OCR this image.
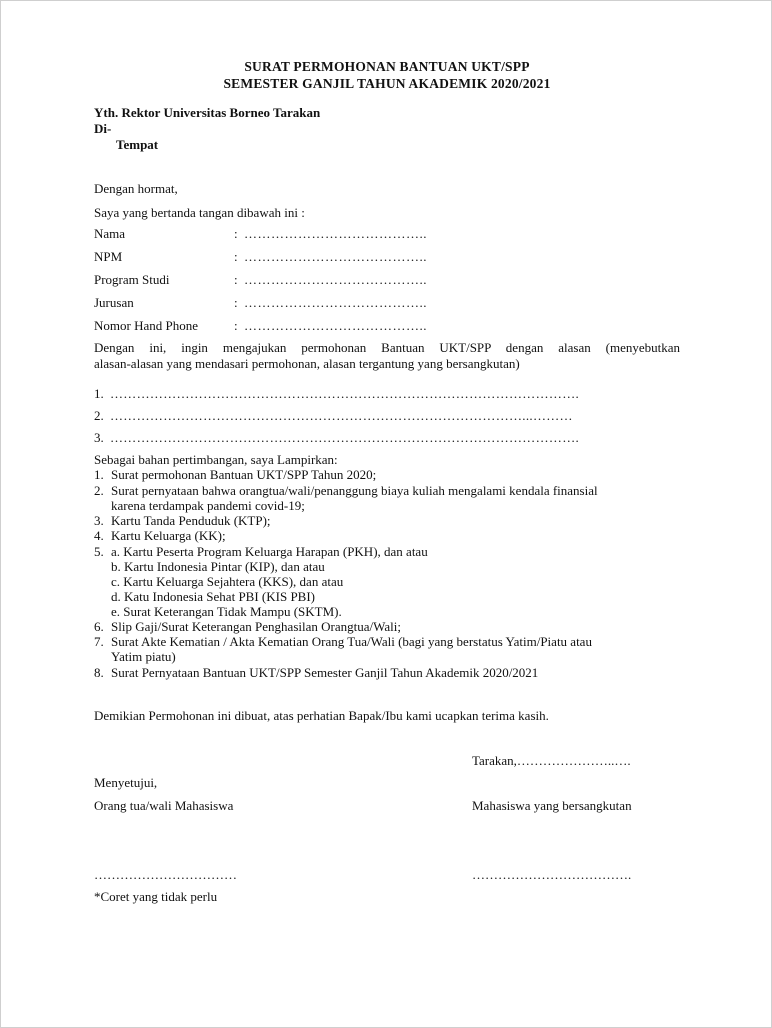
SURAT PERMOHONAN BANTUAN UKT/SPP
SEMESTER GANJIL TAHUN AKADEMIK 2020/2021
Yth. Rektor Universitas Borneo Tarakan
Di-
Tempat
Dengan hormat,
Saya yang bertanda tangan dibawah ini :
Nama	: …………………………………..
NPM	: …………………………………..
Program Studi	: …………………………………..
Jurusan	: …………………………………..
Nomor Hand Phone	: …………………………………..
Dengan ini, ingin mengajukan permohonan Bantuan UKT/SPP dengan alasan (menyebutkan
alasan-alasan yang mendasari permohonan, alasan tergantung yang bersangkutan)
1. …………………………………………………………………………………………….
2. …………………………………………………………………………………...………
3. …………………………………………………………………………………………….
Sebagai bahan pertimbangan, saya Lampirkan:
1. Surat permohonan Bantuan UKT/SPP Tahun 2020;
2. Surat pernyataan bahwa orangtua/wali/penanggung biaya kuliah mengalami kendala finansial
karena terdampak pandemi covid-19;
3. Kartu Tanda Penduduk (KTP);
4. Kartu Keluarga (KK);
5. a. Kartu Peserta Program Keluarga Harapan (PKH), dan atau
b. Kartu Indonesia Pintar (KIP), dan atau
c. Kartu Keluarga Sejahtera (KKS), dan atau
d. Katu Indonesia Sehat PBI (KIS PBI)
e. Surat Keterangan Tidak Mampu (SKTM).
6. Slip Gaji/Surat Keterangan Penghasilan Orangtua/Wali;
7. Surat Akte Kematian / Akta Kematian Orang Tua/Wali (bagi yang berstatus Yatim/Piatu atau
Yatim piatu)
8. Surat Pernyataan Bantuan UKT/SPP Semester Ganjil Tahun Akademik 2020/2021
Demikian Permohonan ini dibuat, atas perhatian Bapak/Ibu kami ucapkan terima kasih.
Tarakan,…………………..….
Menyetujui,
Orang tua/wali Mahasiswa	Mahasiswa yang bersangkutan
……………………………	……………………………….
*Coret yang tidak perlu
